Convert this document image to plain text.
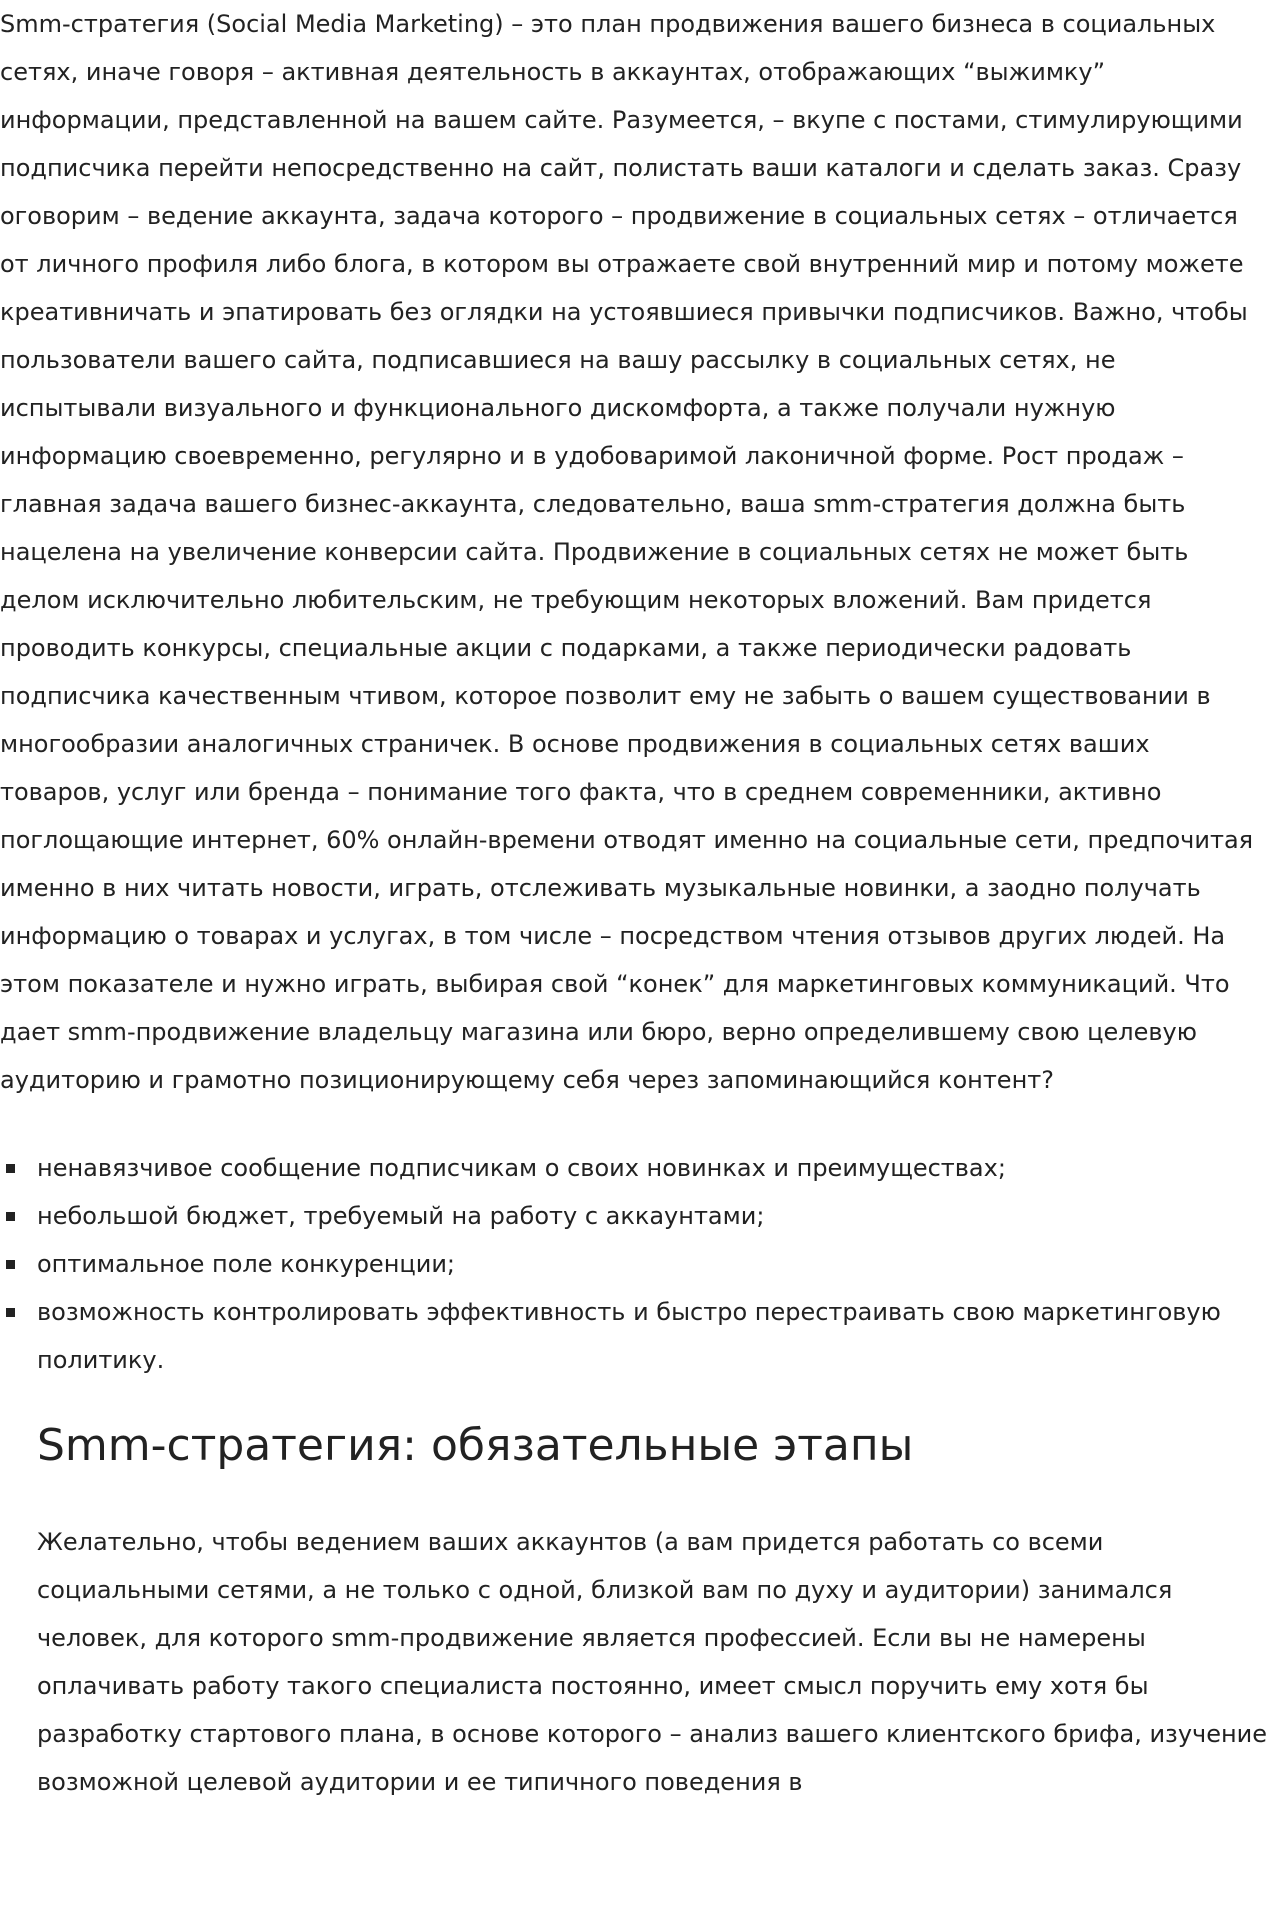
Smm-стратегия (Social Media Marketing) – это план продвижения вашего бизнеса в социальных сетях, иначе говоря – активная деятельность в аккаунтах, отображающих “выжимку” информации, представленной на вашем сайте. Разумеется, – вкупе с постами, стимулирующими подписчика перейти непосредственно на сайт, полистать ваши каталоги и сделать заказ. Сразу оговорим – ведение аккаунта, задача которого – продвижение в социальных сетях – отличается от личного профиля либо блога, в котором вы отражаете свой внутренний мир и потому можете креативничать и эпатировать без оглядки на устоявшиеся привычки подписчиков. Важно, чтобы пользователи вашего сайта, подписавшиеся на вашу рассылку в социальных сетях, не испытывали визуального и функционального дискомфорта, а также получали нужную информацию своевременно, регулярно и в удобоваримой лаконичной форме. Рост продаж – главная задача вашего бизнес-аккаунта, следовательно, ваша smm-стратегия должна быть нацелена на увеличение конверсии сайта. Продвижение в социальных сетях не может быть делом исключительно любительским, не требующим некоторых вложений. Вам придется проводить конкурсы, специальные акции с подарками, а также периодически радовать подписчика качественным чтивом, которое позволит ему не забыть о вашем существовании в многообразии аналогичных страничек. В основе продвижения в социальных сетях ваших товаров, услуг или бренда – понимание того факта, что в среднем современники, активно поглощающие интернет, 60% онлайн-времени отводят именно на социальные сети, предпочитая именно в них читать новости, играть, отслеживать музыкальные новинки, а заодно получать информацию о товарах и услугах, в том числе – посредством чтения отзывов других людей. На этом показателе и нужно играть, выбирая свой “конек” для маркетинговых коммуникаций. Что дает smm-продвижение владельцу магазина или бюро, верно определившему свою целевую аудиторию и грамотно позиционирующему себя через запоминающийся контент?

ненавязчивое сообщение подписчикам о своих новинках и преимуществах;
небольшой бюджет, требуемый на работу с аккаунтами;
оптимальное поле конкуренции;
возможность контролировать эффективность и быстро перестраивать свою маркетинговую политику.
Smm-стратегия: обязательные этапы

Желательно, чтобы ведением ваших аккаунтов (а вам придется работать со всеми социальными сетями, а не только с одной, близкой вам по духу и аудитории) занимался человек, для которого smm-продвижение является профессией. Если вы не намерены оплачивать работу такого специалиста постоянно, имеет смысл поручить ему хотя бы разработку стартового плана, в основе которого – анализ вашего клиентского брифа, изучение возможной целевой аудитории и ее типичного поведения в
